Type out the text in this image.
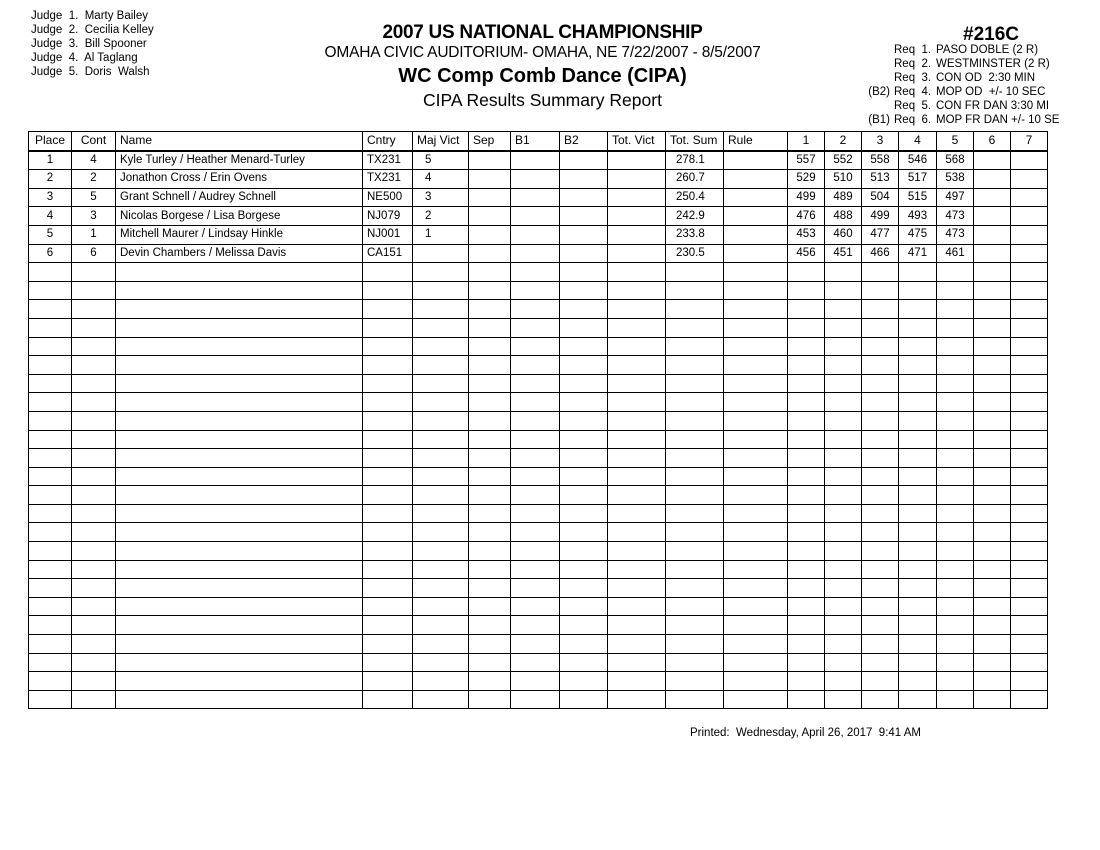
Judge  1. Marty Bailey
Judge  2. Cecilia Kelley
Judge  3. Bill Spooner
Judge  4. Al Taglang
Judge  5. Doris  Walsh
2007 US NATIONAL CHAMPIONSHIP
OMAHA CIVIC AUDITORIUM- OMAHA, NE 7/22/2007 - 8/5/2007
WC Comp Comb Dance (CIPA)
CIPA Results Summary Report
#216C
Req  1. PASO DOBLE (2 R)
Req  2. WESTMINSTER (2 R)
Req  3. CON OD  2:30 MIN
(B2) Req  4. MOP OD  +/- 10 SEC
Req  5. CON FR DAN 3:30 MI
(B1) Req  6. MOP FR DAN +/- 10 SE
Place	Cont	Name	Cntry	Maj Vict	Sep	B1	B2	Tot. Vict	Tot. Sum	Rule	1	2	3	4	5	6	7
1	4	Kyle Turley / Heather Menard-Turley	TX231	5					278.1		557	552	558	546	568		
2	2	Jonathon Cross / Erin Ovens	TX231	4					260.7		529	510	513	517	538		
3	5	Grant Schnell / Audrey Schnell	NE500	3					250.4		499	489	504	515	497		
4	3	Nicolas Borgese / Lisa Borgese	NJ079	2					242.9		476	488	499	493	473		
5	1	Mitchell Maurer / Lindsay Hinkle	NJ001	1					233.8		453	460	477	475	473		
6	6	Devin Chambers / Melissa Davis	CA151						230.5		456	451	466	471	461		

Printed:  Wednesday, April 26, 2017  9:41 AM
